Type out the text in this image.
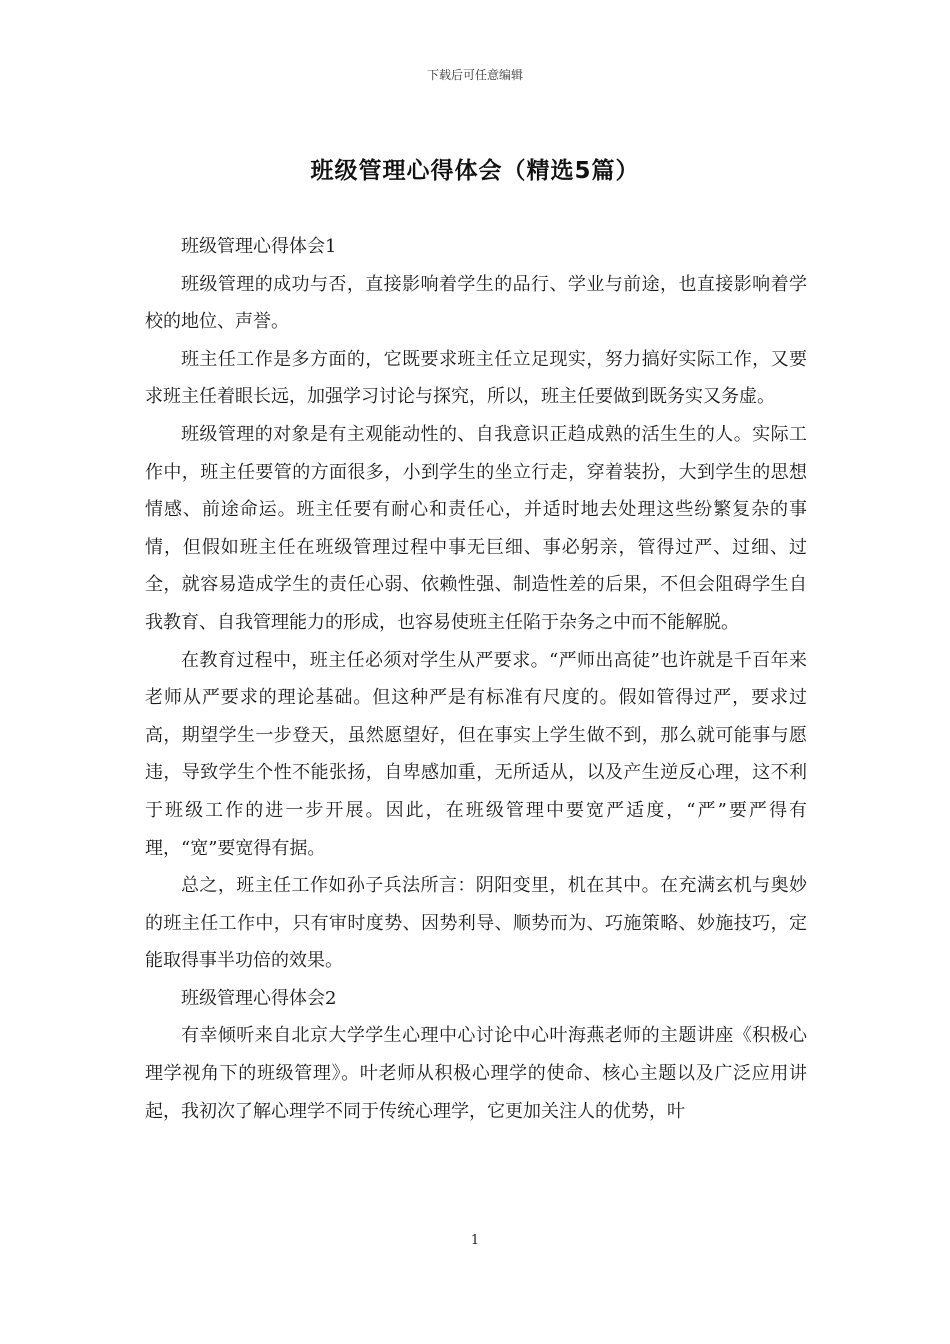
下载后可任意编辑
班级管理心得体会（精选5篇）

班级管理心得体会1

班级管理的成功与否，直接影响着学生的品行、学业与前途，也直接影响着学校的地位、声誉。

班主任工作是多方面的，它既要求班主任立足现实，努力搞好实际工作，又要求班主任着眼长远，加强学习讨论与探究，所以，班主任要做到既务实又务虚。

班级管理的对象是有主观能动性的、自我意识正趋成熟的活生生的人。实际工作中，班主任要管的方面很多，小到学生的坐立行走，穿着装扮，大到学生的思想情感、前途命运。班主任要有耐心和责任心，并适时地去处理这些纷繁复杂的事情，但假如班主任在班级管理过程中事无巨细、事必躬亲，管得过严、过细、过全，就容易造成学生的责任心弱、依赖性强、制造性差的后果，不但会阻碍学生自我教育、自我管理能力的形成，也容易使班主任陷于杂务之中而不能解脱。

在教育过程中，班主任必须对学生从严要求。“严师出高徒”也许就是千百年来老师从严要求的理论基础。但这种严是有标准有尺度的。假如管得过严，要求过高，期望学生一步登天，虽然愿望好，但在事实上学生做不到，那么就可能事与愿违，导致学生个性不能张扬，自卑感加重，无所适从，以及产生逆反心理，这不利于班级工作的进一步开展。因此，在班级管理中要宽严适度，“严”要严得有理，“宽”要宽得有据。

总之，班主任工作如孙子兵法所言：阴阳变里，机在其中。在充满玄机与奥妙的班主任工作中，只有审时度势、因势利导、顺势而为、巧施策略、妙施技巧，定能取得事半功倍的效果。

班级管理心得体会2

有幸倾听来自北京大学学生心理中心讨论中心叶海燕老师的主题讲座《积极心理学视角下的班级管理》。叶老师从积极心理学的使命、核心主题以及广泛应用讲起，我初次了解心理学不同于传统心理学，它更加关注人的优势，叶

1
